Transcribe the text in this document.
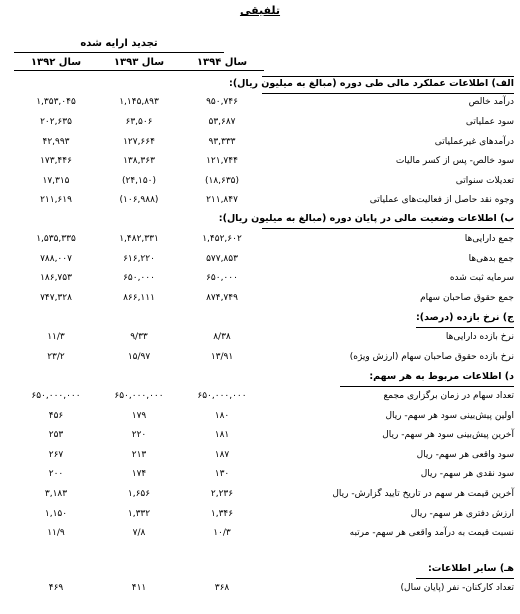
تلفیقی
تجدید ارایه شده
سال ۱۳۹۴
سال ۱۳۹۳
سال ۱۳۹۲
الف) اطلاعات عملکرد مالی طی دوره (مبالغ به میلیون ریال):
درآمد خالص
۹۵۰,۷۴۶
۱,۱۴۵,۸۹۳
۱,۳۵۳,۰۴۵
سود عملیاتی
۵۳,۶۸۷
۶۳,۵۰۶
۲۰۲,۶۳۵
درآمدهای غیرعملیاتی
۹۳,۳۳۳
۱۲۷,۶۶۴
۴۲,۹۹۳
سود خالص- پس از کسر مالیات
۱۲۱,۷۴۴
۱۳۸,۳۶۳
۱۷۳,۴۴۶
تعدیلات سنواتی
(۱۸,۶۳۵)
(۲۴,۱۵۰)
۱۷,۳۱۵
وجوه نقد حاصل از فعالیت‌های عملیاتی
۲۱۱,۸۴۷
(۱۰۶,۹۸۸)
۲۱۱,۶۱۹
ب) اطلاعات وضعیت مالی در پایان دوره (مبالغ به میلیون ریال):
جمع دارایی‌ها
۱,۴۵۲,۶۰۲
۱,۴۸۲,۳۳۱
۱,۵۳۵,۳۳۵
جمع بدهی‌ها
۵۷۷,۸۵۳
۶۱۶,۲۲۰
۷۸۸,۰۰۷
سرمایه ثبت شده
۶۵۰,۰۰۰
۶۵۰,۰۰۰
۱۸۶,۷۵۳
جمع حقوق صاحبان سهام
۸۷۴,۷۴۹
۸۶۶,۱۱۱
۷۴۷,۳۲۸
ج) نرخ بازده (درصد):
نرخ بازده دارایی‌ها
۸/۳۸
۹/۳۳
۱۱/۳
نرخ بازده حقوق صاحبان سهام (ارزش ویژه)
۱۳/۹۱
۱۵/۹۷
۲۳/۲
د) اطلاعات مربوط به هر سهم:
تعداد سهام در زمان برگزاری مجمع
۶۵۰,۰۰۰,۰۰۰
۶۵۰,۰۰۰,۰۰۰
۶۵۰,۰۰۰,۰۰۰
اولین پیش‌بینی سود هر سهم- ریال
۱۸۰
۱۷۹
۴۵۶
آخرین پیش‌بینی سود هر سهم- ریال
۱۸۱
۲۲۰
۲۵۳
سود واقعی هر سهم- ریال
۱۸۷
۲۱۳
۲۶۷
سود نقدی هر سهم- ریال
۱۳۰
۱۷۴
۲۰۰
آخرین قیمت هر سهم در تاریخ تایید گزارش- ریال
۲,۲۳۶
۱,۶۵۶
۳,۱۸۳
ارزش دفتری هر سهم- ریال
۱,۳۴۶
۱,۳۳۲
۱,۱۵۰
نسبت قیمت به درآمد واقعی هر سهم- مرتبه
۱۰/۳
۷/۸
۱۱/۹
هـ) سایر اطلاعات:
تعداد کارکنان- نفر (پایان سال)
۳۶۸
۴۱۱
۴۶۹
